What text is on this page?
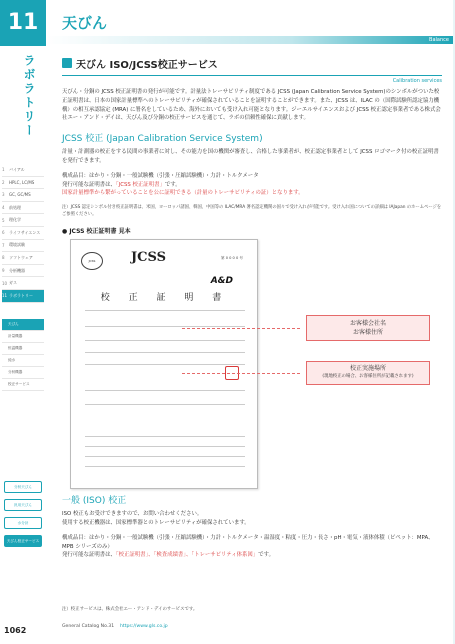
11
ラボラトリー
1	バイアル
2	HPLC, LC/MS
3	GC, GC/MS
4	前処理
5	理化学
6	ライフサイエンス
7	環境試験
8	ソフトウェア
9	分析機器
10 ガス
11 ラボラトリー
天びん
計量機器
恒温機器
純水
分析機器
校正サービス
分析天びん
汎用天びん
水分計
天びん校正サービス
1062
天びん
Balance
天びん ISO/JCSS校正サービス
Calibration services

天びん・分銅の JCSS 校正証明書の発行が可能です。計量法トレーサビリティ制度である JCSS (Japan Calibration Service System)のシンボルがついた校正証明書は、日本の国家計量標準へのトレーサビリティが確保されていることを証明することができます。また、JCSS は、ILAC の（国際試験所認定協力機構）の相互承認協定 (MRA) に署名をしているため、海外においても受け入れ可能となります。ジーエルサイエンスおよび JCSS 校正認定事業者である株式会社エー・アンド・デイは、天びん及び分銅の校正サービスを通じて、ラボの信頼性確保に貢献します。

JCSS 校正 (Japan Calibration Service System)

計量・計測器の校正をする民間の事業者に対し、その能力を国の機関が審査し、合格した事業者が、校正認定事業者として JCSS ロゴマーク付の校正証明書を発行できます。

構成品目：はかり・分銅・一般試験機（引張・圧縮試験機）・力計・トルクメータ

発行可能な証明書は、「JCSS 校正証明書」です。

国家計量標準から繋がっていることを公に証明できる（計量のトレーサビリティの証）となります。

注）JCSS 認定シンボル付き校正証明書は、米国、ヨーロッパ諸国、韓国、中国等の ILAC/MRA 署名認定機関の国々で受け入れが可能です。受け入れ国についての詳細は IAJapan のホームページをご参照ください。

● JCSS 校正証明書 見本
JCSS	JCSS	第 0 0 0 0 号
A&D
校 正 証 明 書
お客様会社名
お客様住所
校正実施場所
(現地校正の場合、お客様住所が記載されます)
一般 (ISO) 校正

ISO 校正もお受けできますので、お問い合わせください。

使用する校正機器は、国家標準器とのトレーサビリティが確保されています。

構成品目：はかり・分銅・一般試験機（引張・圧縮試験機）・力計・トルクメータ・温湿度・粘度・圧力・長さ・pH・電気・液体体積（ピペット：MPA、MPB シリーズのみ）

発行可能な証明書は、「校正証明書」、「検査成績書」、「トレーサビリティ体系図」です。

注）校正サービスは、株式会社エー・アンド・デイのサービスです。
General Catalog No.31 https://www.gls.co.jp
